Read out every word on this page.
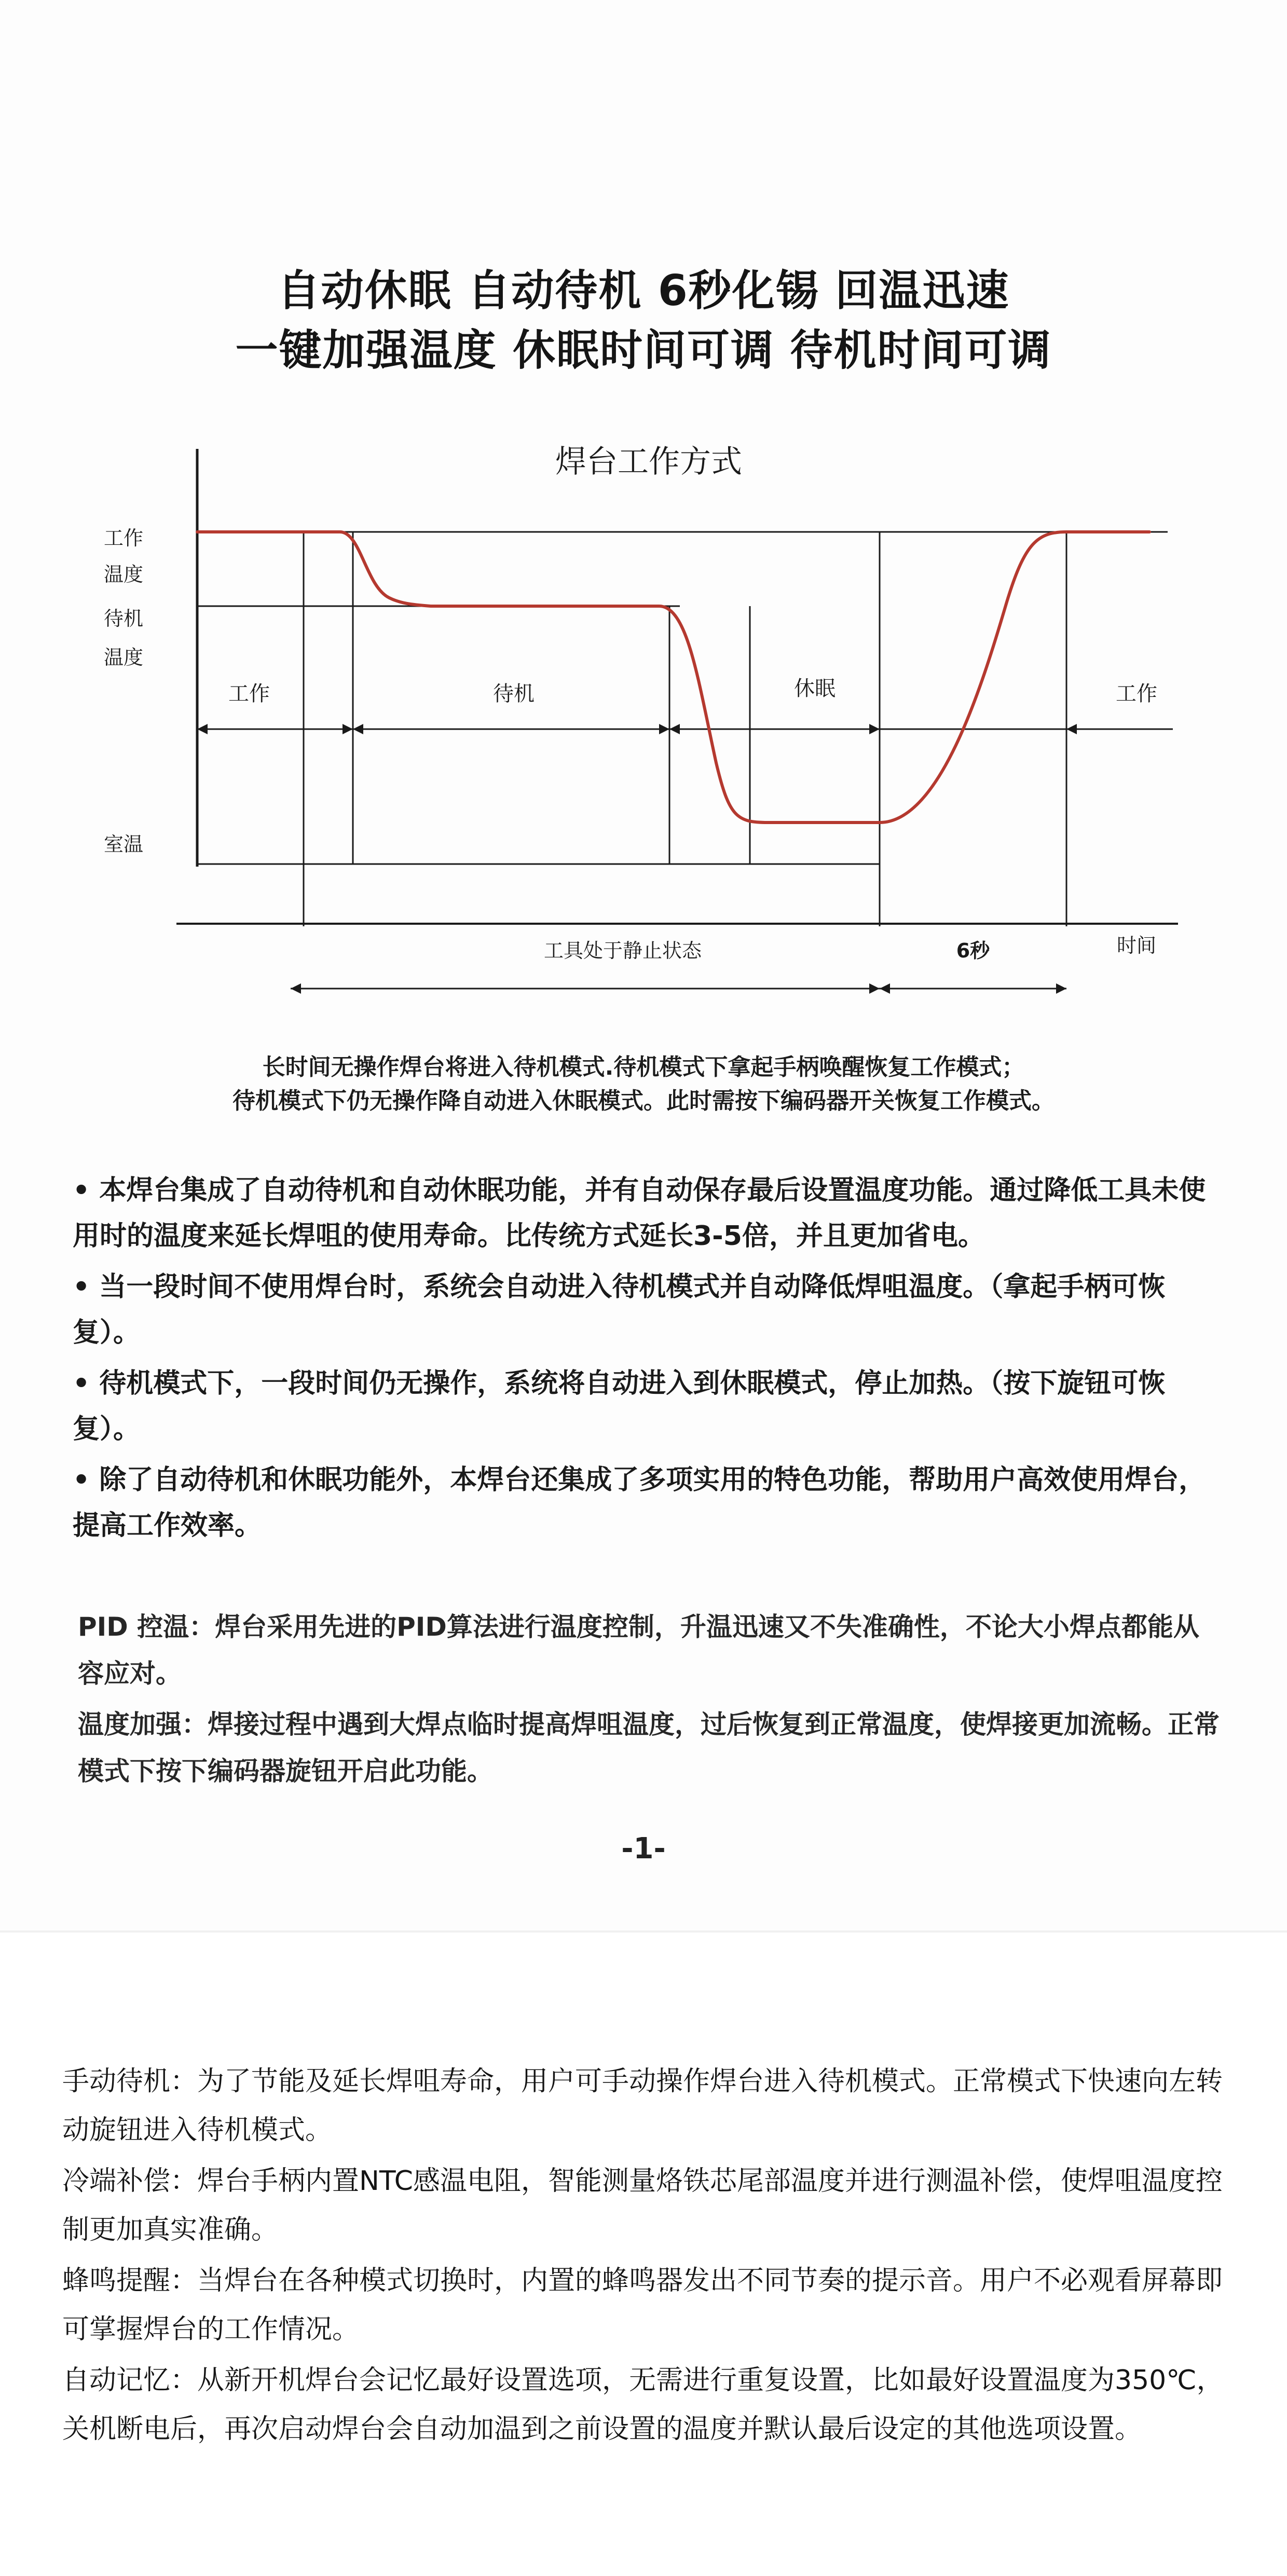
自动休眠 自动待机 6秒化锡 回温迅速
一键加强温度 休眠时间可调 待机时间可调
焊台工作方式
工作
温度
待机
温度
室温
工作	待机	休眠	工作
工具处于静止状态	6秒	时间
长时间无操作焊台将进入待机模式.待机模式下拿起手柄唤醒恢复工作模式；
待机模式下仍无操作降自动进入休眠模式。此时需按下编码器开关恢复工作模式。
• 本焊台集成了自动待机和自动休眠功能，并有自动保存最后设置温度功能。通过降低工具未使用时的温度来延长焊咀的使用寿命。比传统方式延长3-5倍，并且更加省电。
• 当一段时间不使用焊台时，系统会自动进入待机模式并自动降低焊咀温度。（拿起手柄可恢复）。
• 待机模式下，一段时间仍无操作，系统将自动进入到休眠模式，停止加热。（按下旋钮可恢复）。
• 除了自动待机和休眠功能外，本焊台还集成了多项实用的特色功能，帮助用户高效使用焊台，提高工作效率。
PID 控温：焊台采用先进的PID算法进行温度控制，升温迅速又不失准确性，不论大小焊点都能从容应对。
温度加强：焊接过程中遇到大焊点临时提高焊咀温度，过后恢复到正常温度，使焊接更加流畅。正常模式下按下编码器旋钮开启此功能。
-1-
手动待机：为了节能及延长焊咀寿命，用户可手动操作焊台进入待机模式。正常模式下快速向左转动旋钮进入待机模式。
冷端补偿：焊台手柄内置NTC感温电阻，智能测量烙铁芯尾部温度并进行测温补偿，使焊咀温度控制更加真实准确。
蜂鸣提醒：当焊台在各种模式切换时，内置的蜂鸣器发出不同节奏的提示音。用户不必观看屏幕即可掌握焊台的工作情况。
自动记忆：从新开机焊台会记忆最好设置选项，无需进行重复设置，比如最好设置温度为350℃，关机断电后，再次启动焊台会自动加温到之前设置的温度并默认最后设定的其他选项设置。
